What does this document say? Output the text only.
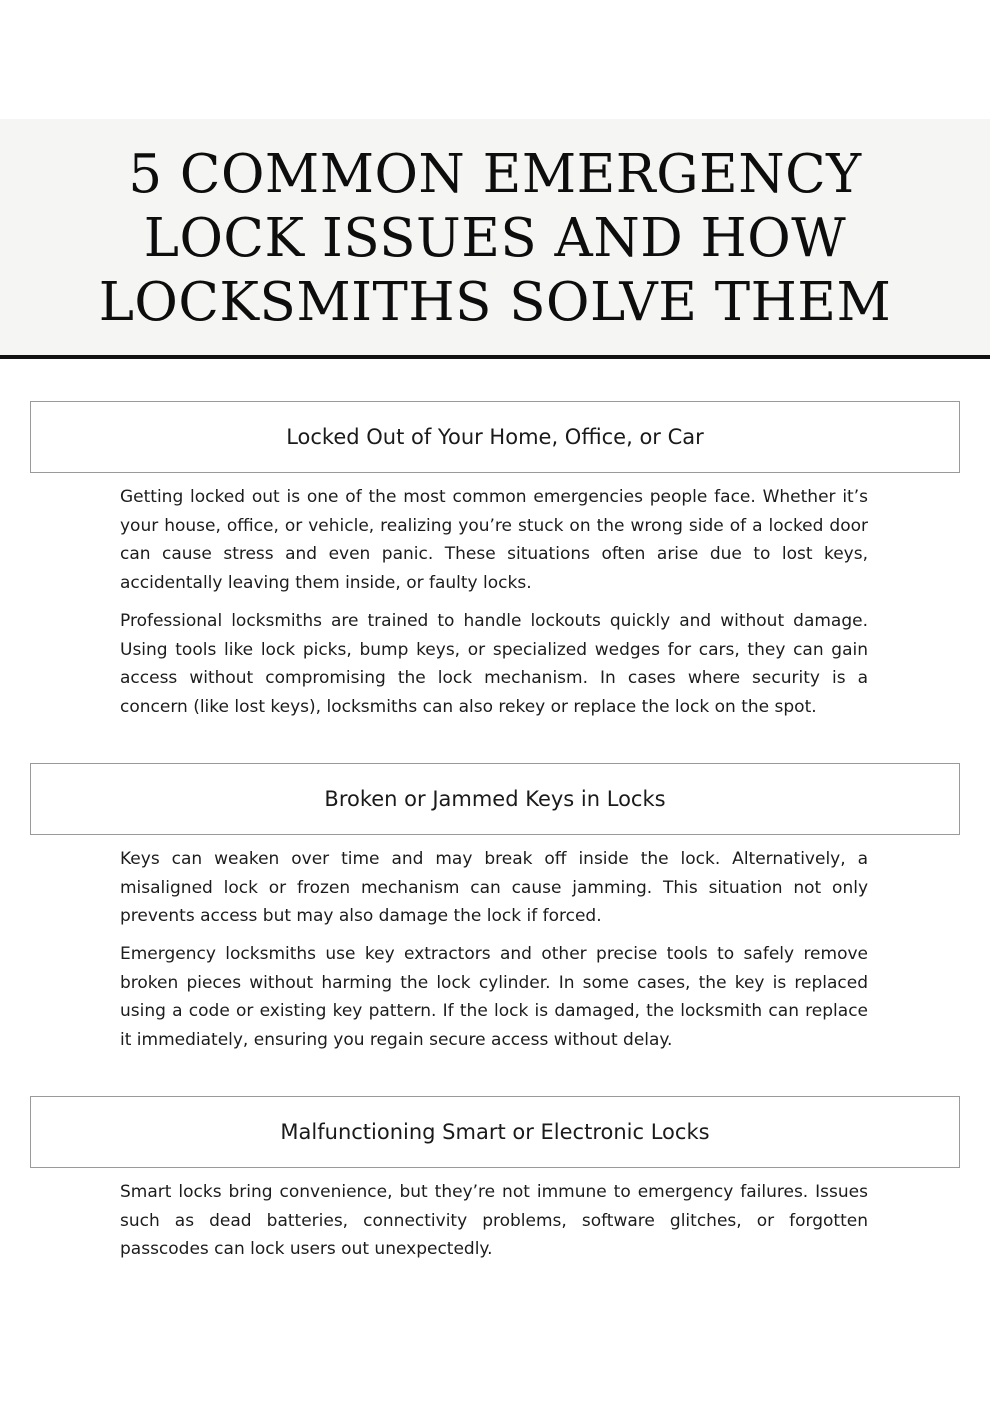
5 COMMON EMERGENCY
LOCK ISSUES AND HOW
LOCKSMITHS SOLVE THEM
Locked Out of Your Home, Office, or Car

Getting locked out is one of the most common emergencies people face. Whether it’s your house, office, or vehicle, realizing you’re stuck on the wrong side of a locked door can cause stress and even panic. These situations often arise due to lost keys, accidentally leaving them inside, or faulty locks.

Professional locksmiths are trained to handle lockouts quickly and without damage. Using tools like lock picks, bump keys, or specialized wedges for cars, they can gain access without compromising the lock mechanism. In cases where security is a concern (like lost keys), locksmiths can also rekey or replace the lock on the spot.

Broken or Jammed Keys in Locks

Keys can weaken over time and may break off inside the lock. Alternatively, a misaligned lock or frozen mechanism can cause jamming. This situation not only prevents access but may also damage the lock if forced.

Emergency locksmiths use key extractors and other precise tools to safely remove broken pieces without harming the lock cylinder. In some cases, the key is replaced using a code or existing key pattern. If the lock is damaged, the locksmith can replace it immediately, ensuring you regain secure access without delay.

Malfunctioning Smart or Electronic Locks

Smart locks bring convenience, but they’re not immune to emergency failures. Issues such as dead batteries, connectivity problems, software glitches, or forgotten passcodes can lock users out unexpectedly.
